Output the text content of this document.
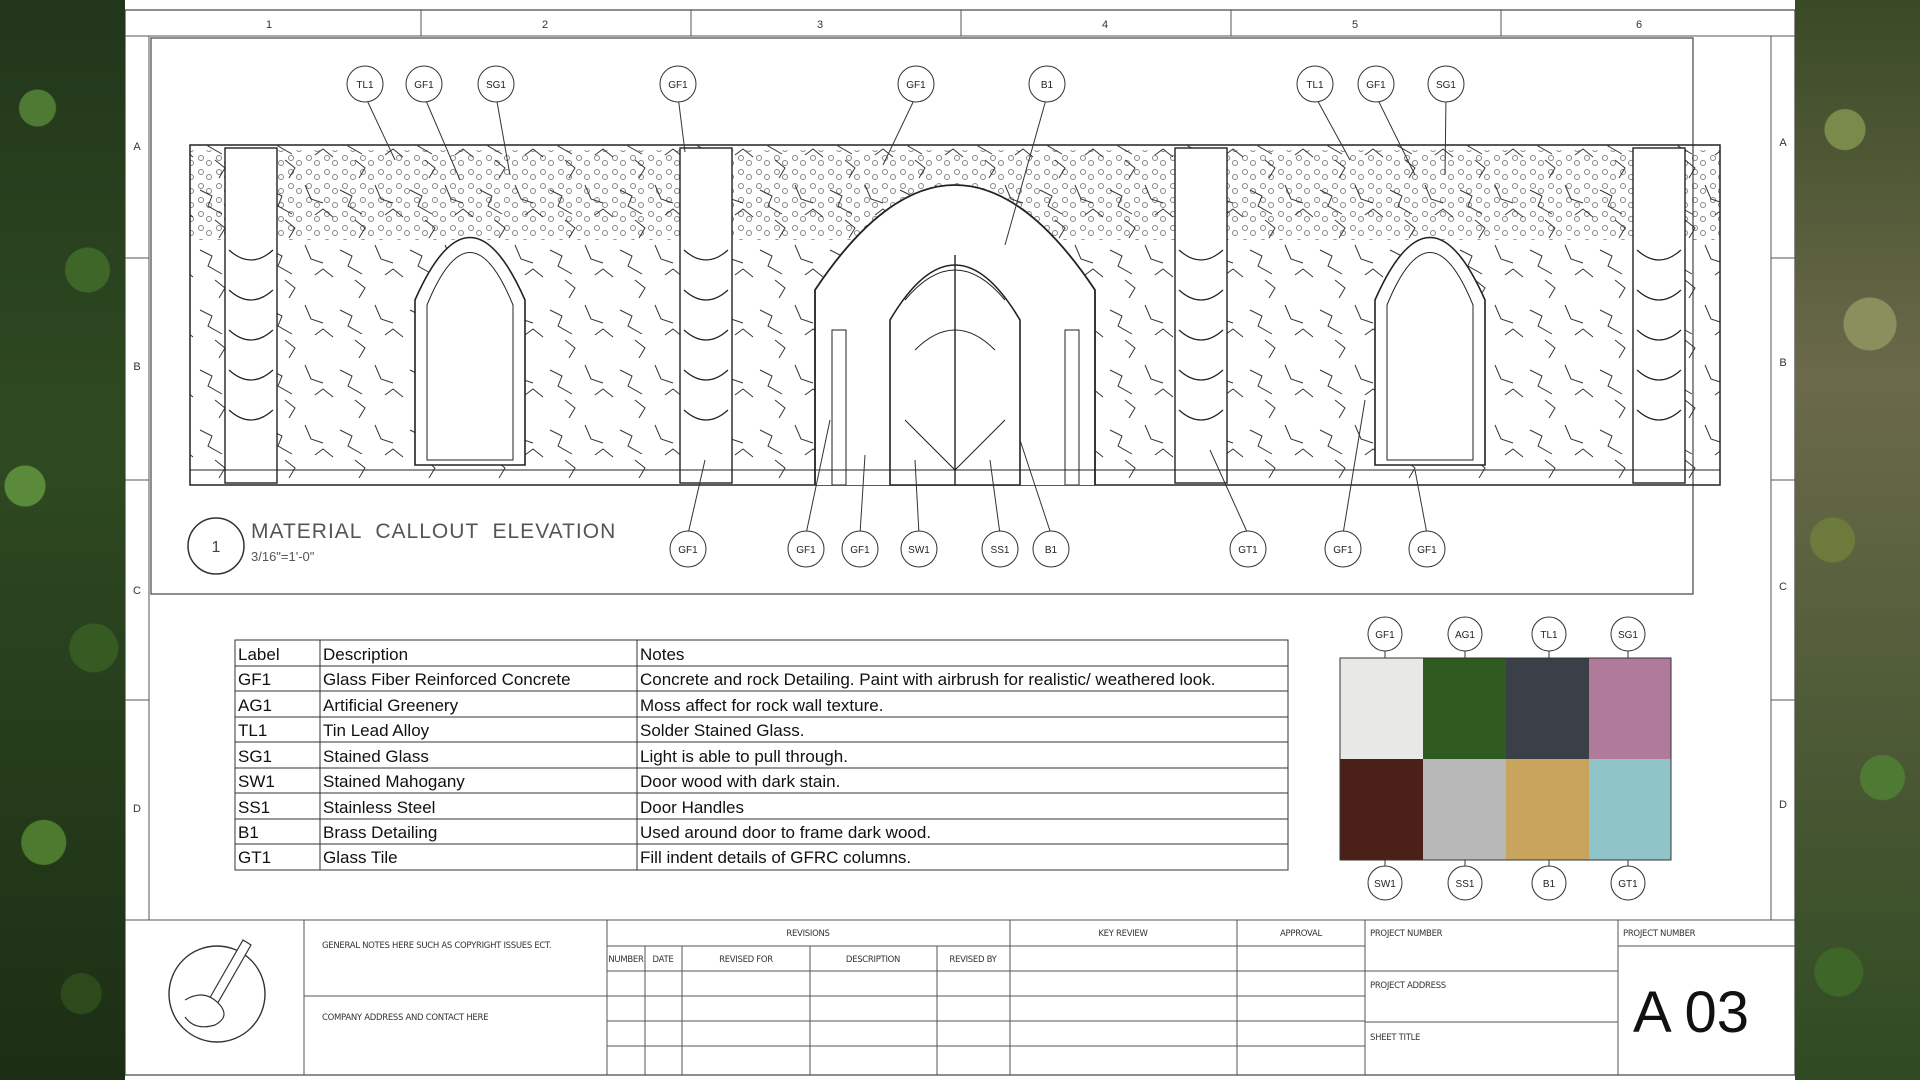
1	2	3	4	5	6
A
B
C
D
A
B
C
D
TL1	GF1	SG1	GF1	GF1	B1	TL1	GF1	SG1
GF1	GF1	GF1	SW1	SS1	B1	GT1	GF1	GF1
1
MATERIAL  CALLOUT  ELEVATION
3/16"=1'-0"
Label	Description	Notes
GF1	Glass Fiber Reinforced Concrete	Concrete and rock Detailing. Paint with airbrush for realistic/ weathered look.
AG1	Artificial Greenery	Moss affect for rock wall texture.
TL1	Tin Lead Alloy	Solder Stained Glass.
SG1	Stained Glass	Light is able to pull through.
SW1	Stained Mahogany	Door wood with dark stain.
SS1	Stainless Steel	Door Handles
B1	Brass Detailing	Used around door to frame dark wood.
GT1	Glass Tile	Fill indent details of GFRC columns.
GF1	AG1	TL1	SG1
SW1	SS1	B1	GT1
GENERAL NOTES HERE SUCH AS COPYRIGHT ISSUES ECT.
COMPANY ADDRESS AND CONTACT HERE
REVISIONS
NUMBER DATE	REVISED FOR	DESCRIPTION	REVISED BY
KEY REVIEW	APPROVAL	PROJECT NUMBER
PROJECT ADDRESS
SHEET TITLE
PROJECT NUMBER
A 03
